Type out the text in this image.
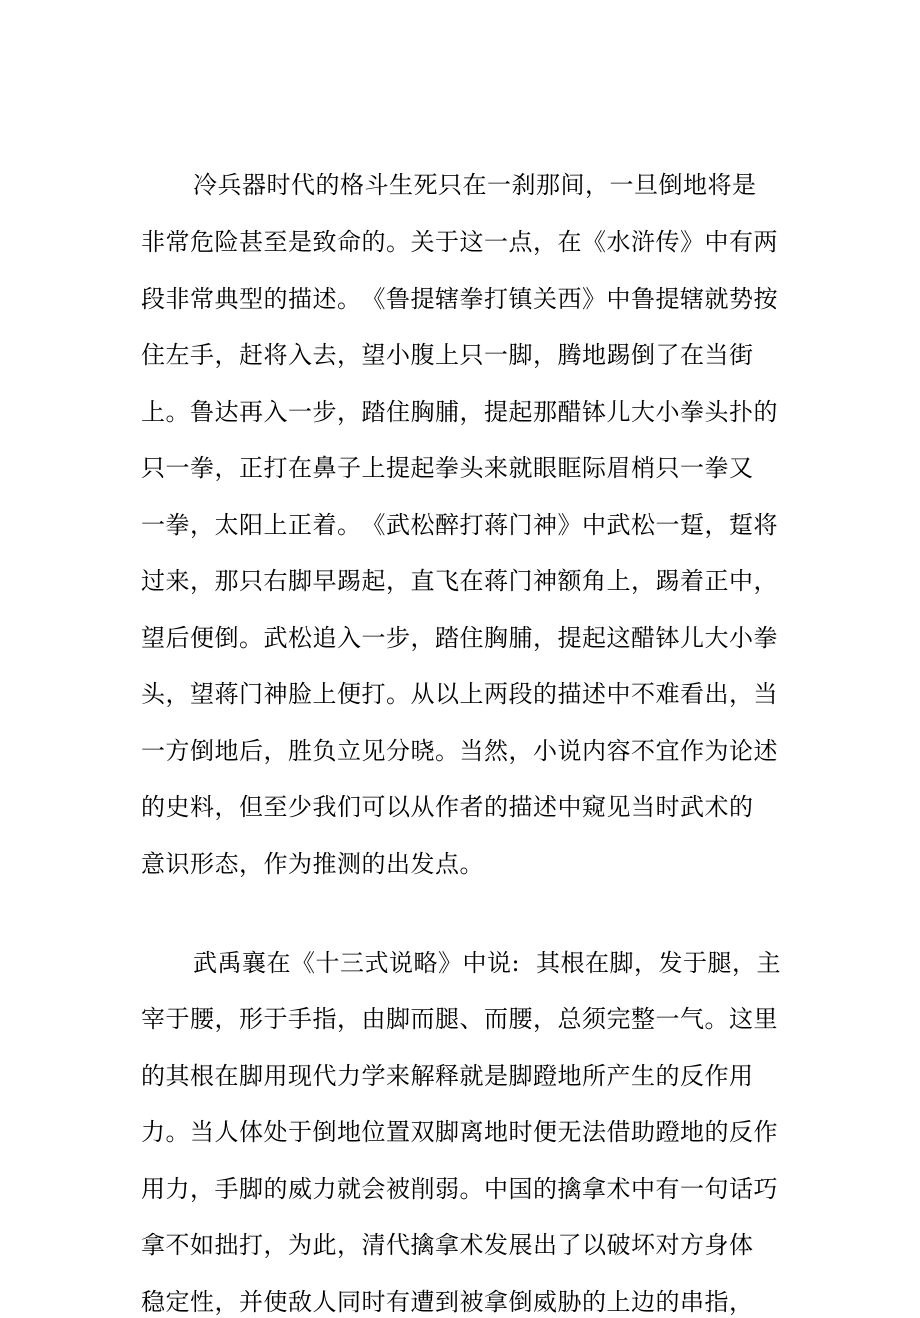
冷 兵 器 时 代 的 格 斗 生 死 只 在 一 刹 那 间 ， 一 旦 倒 地 将 是
非 常 危 险 甚 至 是 致 命 的 。 关 于 这 一 点 ， 在 《 水 浒 传 》 中 有 两
段 非 常 典 型 的 描 述 。 《 鲁 提 辖 拳 打 镇 关 西 》 中 鲁 提 辖 就 势 按
住 左 手 ， 赶 将 入 去 ， 望 小 腹 上 只 一 脚 ， 腾 地 踢 倒 了 在 当 街
上 。 鲁 达 再 入 一 步 ， 踏 住 胸 脯 ， 提 起 那 醋 钵 儿 大 小 拳 头 扑 的
只 一 拳 ， 正 打 在 鼻 子 上 提 起 拳 头 来 就 眼 眶 际 眉 梢 只 一 拳 又
一 拳 ， 太 阳 上 正 着 。 《 武 松 醉 打 蒋 门 神 》 中 武 松 一 踅 ， 踅 将
过 来 ， 那 只 右 脚 早 踢 起 ， 直 飞 在 蒋 门 神 额 角 上 ， 踢 着 正 中 ，
望 后 便 倒 。 武 松 追 入 一 步 ， 踏 住 胸 脯 ， 提 起 这 醋 钵 儿 大 小 拳
头 ， 望 蒋 门 神 脸 上 便 打 。 从 以 上 两 段 的 描 述 中 不 难 看 出 ， 当
一 方 倒 地 后 ， 胜 负 立 见 分 晓 。 当 然 ， 小 说 内 容 不 宜 作 为 论 述
的 史 料 ， 但 至 少 我 们 可 以 从 作 者 的 描 述 中 窥 见 当 时 武 术 的
意 识 形 态 ， 作 为 推 测 的 出 发 点 。
武 禹 襄 在 《 十 三 式 说 略 》 中 说 : 其 根 在 脚 ， 发 于 腿 ， 主
宰 于 腰 ， 形 于 手 指 ， 由 脚 而 腿 、 而 腰 ， 总 须 完 整 一 气 。 这 里
的 其 根 在 脚 用 现 代 力 学 来 解 释 就 是 脚 蹬 地 所 产 生 的 反 作 用
力 。 当 人 体 处 于 倒 地 位 置 双 脚 离 地 时 便 无 法 借 助 蹬 地 的 反 作
用 力 ， 手 脚 的 威 力 就 会 被 削 弱 。 中 国 的 擒 拿 术 中 有 一 句 话 巧
拿 不 如 拙 打 ， 为 此 ， 清 代 擒 拿 术 发 展 出 了 以 破 坏 对 方 身 体
稳 定 性 ， 并 使 敌 人 同 时 有 遭 到 被 拿 倒 威 胁 的 上 边 的 串 指 ，
